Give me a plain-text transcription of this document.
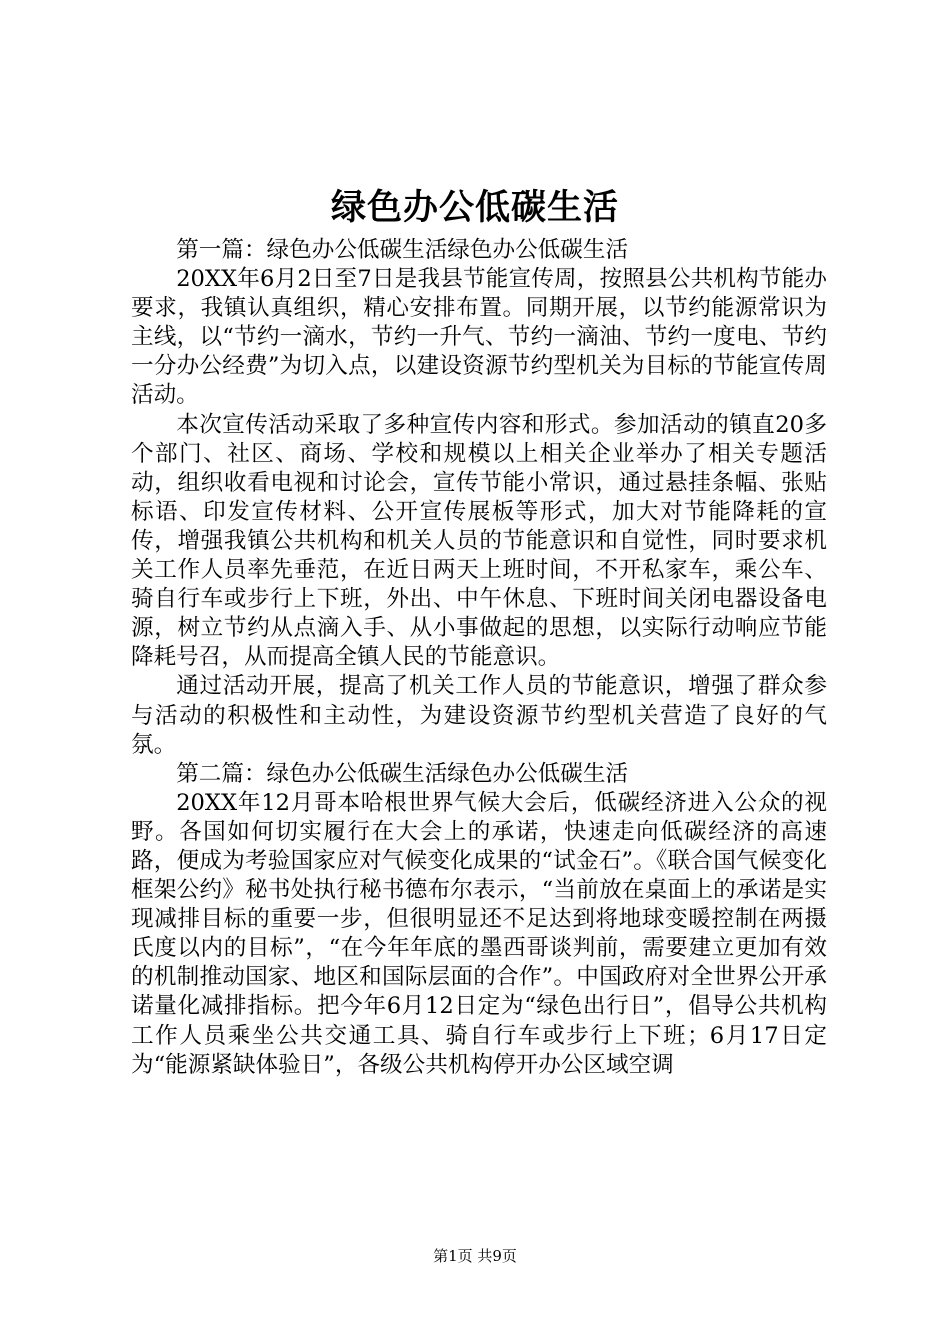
绿色办公低碳生活

第一篇：绿色办公低碳生活绿色办公低碳生活

20XX年6月2日至7日是我县节能宣传周，按照县公共机构节能办要求，我镇认真组织，精心安排布置。同期开展，以节约能源常识为主线，以“节约一滴水，节约一升气、节约一滴油、节约一度电、节约一分办公经费”为切入点，以建设资源节约型机关为目标的节能宣传周活动。

本次宣传活动采取了多种宣传内容和形式。参加活动的镇直20多个部门、社区、商场、学校和规模以上相关企业举办了相关专题活动，组织收看电视和讨论会，宣传节能小常识，通过悬挂条幅、张贴标语、印发宣传材料、公开宣传展板等形式，加大对节能降耗的宣传，增强我镇公共机构和机关人员的节能意识和自觉性，同时要求机关工作人员率先垂范，在近日两天上班时间，不开私家车，乘公车、骑自行车或步行上下班，外出、中午休息、下班时间关闭电器设备电源，树立节约从点滴入手、从小事做起的思想，以实际行动响应节能降耗号召，从而提高全镇人民的节能意识。

通过活动开展，提高了机关工作人员的节能意识，增强了群众参与活动的积极性和主动性，为建设资源节约型机关营造了良好的气氛。

第二篇：绿色办公低碳生活绿色办公低碳生活

20XX年12月哥本哈根世界气候大会后，低碳经济进入公众的视野。各国如何切实履行在大会上的承诺，快速走向低碳经济的高速路，便成为考验国家应对气候变化成果的“试金石”。《联合国气候变化框架公约》秘书处执行秘书德布尔表示，“当前放在桌面上的承诺是实现减排目标的重要一步，但很明显还不足达到将地球变暖控制在两摄氏度以内的目标”，“在今年年底的墨西哥谈判前，需要建立更加有效的机制推动国家、地区和国际层面的合作”。中国政府对全世界公开承诺量化减排指标。把今年6月12日定为“绿色出行日”，倡导公共机构工作人员乘坐公共交通工具、骑自行车或步行上下班；6月17日定为“能源紧缺体验日”，各级公共机构停开办公区域空调

第1页 共9页
